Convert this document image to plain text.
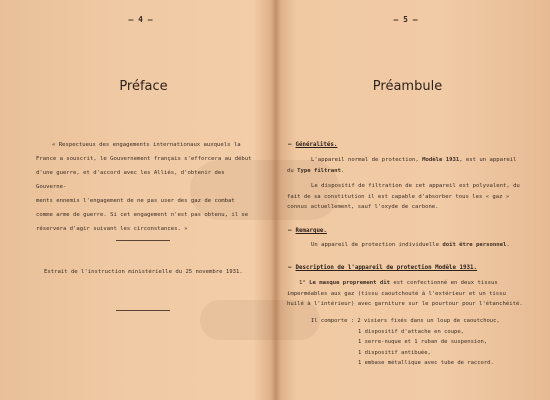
— 4 —
Préface
« Respectueux des engagements internationaux auxquels la
France a souscrit, le Gouvernement français s'efforcera au début
d'une guerre, et d'accord avec les Alliés, d'obtenir des Gouverne-
ments ennemis l'engagement de ne pas user des gaz de combat
comme arme de guerre. Si cet engagement n'est pas obtenu, il se
réservera d'agir suivant les circonstances. »
Extrait de l'instruction ministérielle du 25 novembre 1931.
— 5 —
Préambule
— Généralités.
L'appareil normal de protection, Modèle 1931, est un appareil
du Type filtrant.
Le dispositif de filtration de cet appareil est polyvalent, du
fait de sa constitution il est capable d'absorber tous les « gaz »
connus actuellement, sauf l'oxyde de carbone.
— Remarque.
Un appareil de protection individuelle doit être personnel.
— Description de l'appareil de protection Modèle 1931.
1° Le masque proprement dit est confectionné en deux tissus
imperméables aux gaz (tissu caoutchouté à l'extérieur et un tissu
huilé à l'intérieur) avec garniture sur le pourtour pour l'étanchéité.
Il comporte : 2 visiers fixés dans un loup de caoutchouc,
1 dispositif d'attache en coupe,
1 serre-nuque et 1 ruban de suspension,
1 dispositif antibuée,
1 embase métallique avec tube de raccord.
